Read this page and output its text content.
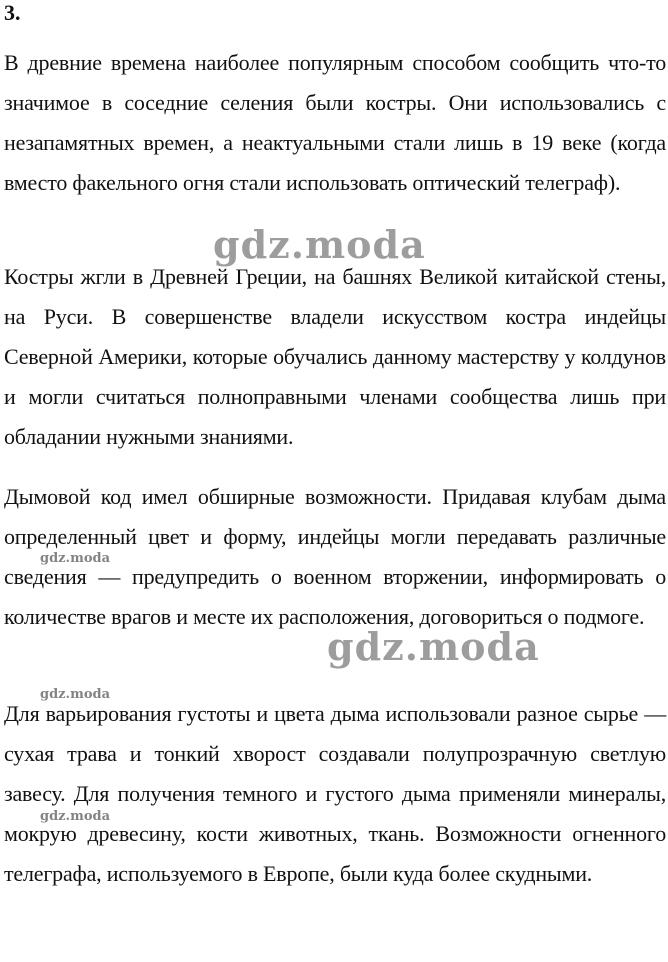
3.

В древние времена наиболее популярным способом сообщить что-то значимое в соседние селения были костры. Они использовались с незапамятных времен, а неактуальными стали лишь в 19 веке (когда вместо факельного огня стали использовать оптический телеграф).

Костры жгли в Древней Греции, на башнях Великой китайской стены, на Руси. В совершенстве владели искусством костра индейцы Северной Америки, которые обучались данному мастерству у колдунов и могли считаться полноправными членами сообщества лишь при обладании нужными знаниями.

Дымовой код имел обширные возможности. Придавая клубам дыма определенный цвет и форму, индейцы могли передавать различные сведения — предупредить о военном вторжении, информировать о количестве врагов и месте их расположения, договориться о подмоге.

Для варьирования густоты и цвета дыма использовали разное сырье — сухая трава и тонкий хворост создавали полупрозрачную светлую завесу. Для получения темного и густого дыма применяли минералы, мокрую древесину, кости животных, ткань. Возможности огненного телеграфа, используемого в Европе, были куда более скудными.

gdz.moda
gdz.moda
gdz.moda
gdz.moda
gdz.moda
